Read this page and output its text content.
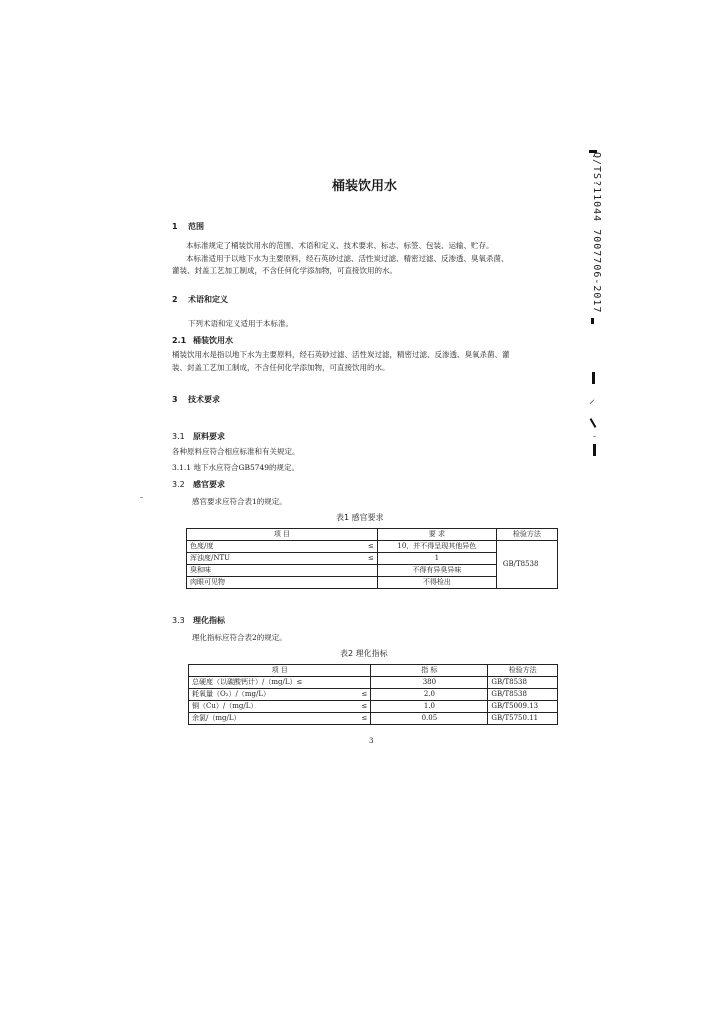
桶装饮用水
1 范围
本标准规定了桶装饮用水的范围、术语和定义、技术要求、标志、标签、包装、运输、贮存。
本标准适用于以地下水为主要原料，经石英砂过滤、活性炭过滤、精密过滤、反渗透、臭氧杀菌、
灌装、封盖工艺加工制成，不含任何化学添加物，可直接饮用的水。
2 术语和定义
下列术语和定义适用于本标准。
2.1 桶装饮用水
桶装饮用水是指以地下水为主要原料，经石英砂过滤、活性炭过滤，精密过滤、反渗透、臭氧杀菌、灌
装、封盖工艺加工制成，不含任何化学添加物，可直接饮用的水。
3 技术要求
3.1 原料要求
各种原料应符合相应标准和有关规定。
3.1.1 地下水应符合GB5749的规定。
3.2 感官要求
感官要求应符合表1的规定。
表1 感官要求
项 目		要 求	检验方法
色度/度	≤	10，并不得呈现其他异色	GB/T8538
浑浊度/NTU	≤	1	
臭和味		不得有异臭异味	
肉眼可见物		不得检出	
3.3 理化指标
理化指标应符合表2的规定。
表2 理化指标
项 目		指 标	检验方法
总硬度（以碳酸钙计）/（mg/L）≤		380	GB/T8538
耗氧量（O₂）/（mg/L）	≤	2.0	GB/T8538
铜（Cu）/（mg/L）	≤	1.0	GB/T5009.13
余氯/（mg/L）	≤	0.05	GB/T5750.11
3
Q/TS?11044 7007706-2017
⸝
